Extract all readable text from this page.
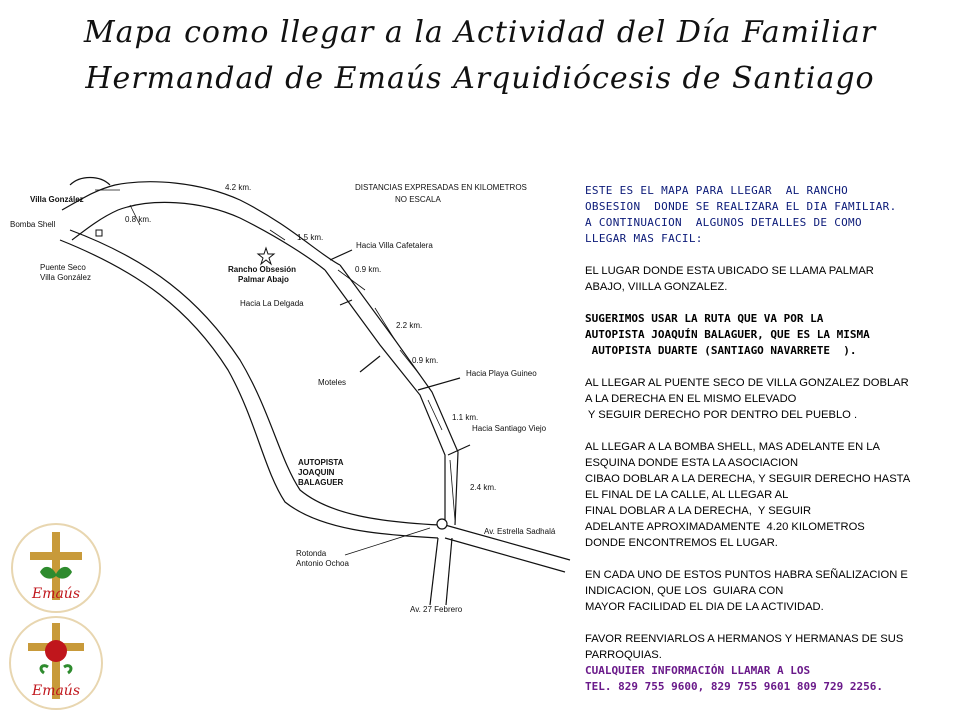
Mapa como llegar a la Actividad del Día Familiar
Hermandad de Emaús Arquidiócesis de Santiago
Villa González
Bomba Shell
Puente Seco
Villa González
0.8 km.
4.2 km.
1.5 km.
0.9 km.
2.2 km.
0.9 km.
1.1 km.
2.4 km.
DISTANCIAS EXPRESADAS EN KILOMETROS
NO ESCALA
Rancho Obsesión
Palmar Abajo
Hacia Villa Cafetalera
Hacia La Delgada
Hacia Playa Guineo
Moteles
Hacia Santiago Viejo
AUTOPISTA
JOAQUIN
BALAGUER
Av. Estrella Sadhalá
Rotonda
Antonio Ochoa
Av. 27 Febrero
ESTE ES EL MAPA PARA LLEGAR  AL RANCHO
OBSESION  DONDE SE REALIZARA EL DIA FAMILIAR.
A CONTINUACION  ALGUNOS DETALLES DE COMO
LLEGAR MAS FACIL:
EL LUGAR DONDE ESTA UBICADO SE LLAMA PALMAR
ABAJO, VIILLA GONZALEZ.
SUGERIMOS USAR LA RUTA QUE VA POR LA
AUTOPISTA JOAQUÍN BALAGUER, QUE ES LA MISMA
AUTOPISTA DUARTE (SANTIAGO NAVARRETE  ).
AL LLEGAR AL PUENTE SECO DE VILLA GONZALEZ DOBLAR
A LA DERECHA EN EL MISMO ELEVADO
Y SEGUIR DERECHO POR DENTRO DEL PUEBLO .
AL LLEGAR A LA BOMBA SHELL, MAS ADELANTE EN LA
ESQUINA DONDE ESTA LA ASOCIACION
CIBAO DOBLAR A LA DERECHA, Y SEGUIR DERECHO HASTA
EL FINAL DE LA CALLE, AL LLEGAR AL
FINAL DOBLAR A LA DERECHA,  Y SEGUIR
ADELANTE APROXIMADAMENTE  4.20 KILOMETROS
DONDE ENCONTREMOS EL LUGAR.
EN CADA UNO DE ESTOS PUNTOS HABRA SEÑALIZACION E
INDICACION, QUE LOS  GUIARA CON
MAYOR FACILIDAD EL DIA DE LA ACTIVIDAD.
FAVOR REENVIARLOS A HERMANOS Y HERMANAS DE SUS
PARROQUIAS.
CUALQUIER INFORMACIÓN LLAMAR A LOS
TEL. 829 755 9600, 829 755 9601 809 729 2256.
Emaús
Emaús
